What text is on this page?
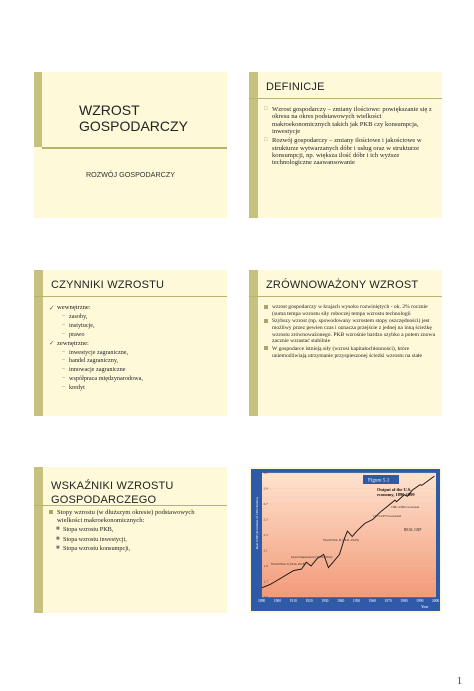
WZROST
GOSPODARCZY
ROZWÓJ GOSPODARCZY
DEFINICJE
□ Wzrost gospodarczy – zmiany ilościowe: powiększanie się z okresu na okres podstawowych wielkości makroekonomicznych takich jak PKB czy konsumpcja, inwestycje
□ Rozwój gospodarczy – zmiany ilościowe i jakościowe w strukturze wytwarzanych dóbr i usług oraz w strukturze konsumpcji, np. większa ilość dóbr i ich wyższe technologiczne zaawansowanie
CZYNNIKI WZROSTU
✓ wewnętrzne:
– zasoby,
– instytucje,
– prawo
✓ zewnętrzne:
– inwestycje zagraniczne,
– handel zagraniczny,
– innowacje zagraniczne
– współpraca międzynarodowa,
– kredyt
ZRÓWNOWAŻONY WZROST
wzrost gospodarczy w krajach wysoko rozwiniętych - ok. 2% rocznie (suma tempa wzrostu siły roboczej tempa wzrostu technologii
Szybszy wzrost (np. spowodowany wzrostem stopy oszczędności) jest możliwy przez pewien czas i oznacza przejście z jednej na inną ścieżkę wzrostu zrównoważonego. PKB wzrośnie bardzo szybko a potem znowu zacznie wzrastać stabilnie
W gospodarce istnieją siły (wzrost kapitałochłonności), które uniemożliwiają utrzymanie przyspieszonej ścieżki wzrostu na stałe
WSKAŹNIKI WZROSTU
GOSPODARCZEGO
Stopy wzrostu (w dłuższym okresie) podstawowych wielkości makroekonomicznych:
■ Stopa wzrostu PKB,
■ Stopa wzrostu inwestycji,
■ Stopa wzrostu konsumpcji,
1890 1900 1910 1920 1930 1940 1950 1960 1970 1980 1990 2000
3.1
2.9
2.7
2.5
2.3
2.1
1.9
1.7
1.5
Figure 5.1
Output of the U.S.
economy, 1890-1999
Year
Real GNP (in billions of 1992 dollars)
World War I (1914-1918)
Great Depression (1929-1941)
World War II (1941-1945)
1981-1982 recession
1973-1975 recession
REAL GNP
1
